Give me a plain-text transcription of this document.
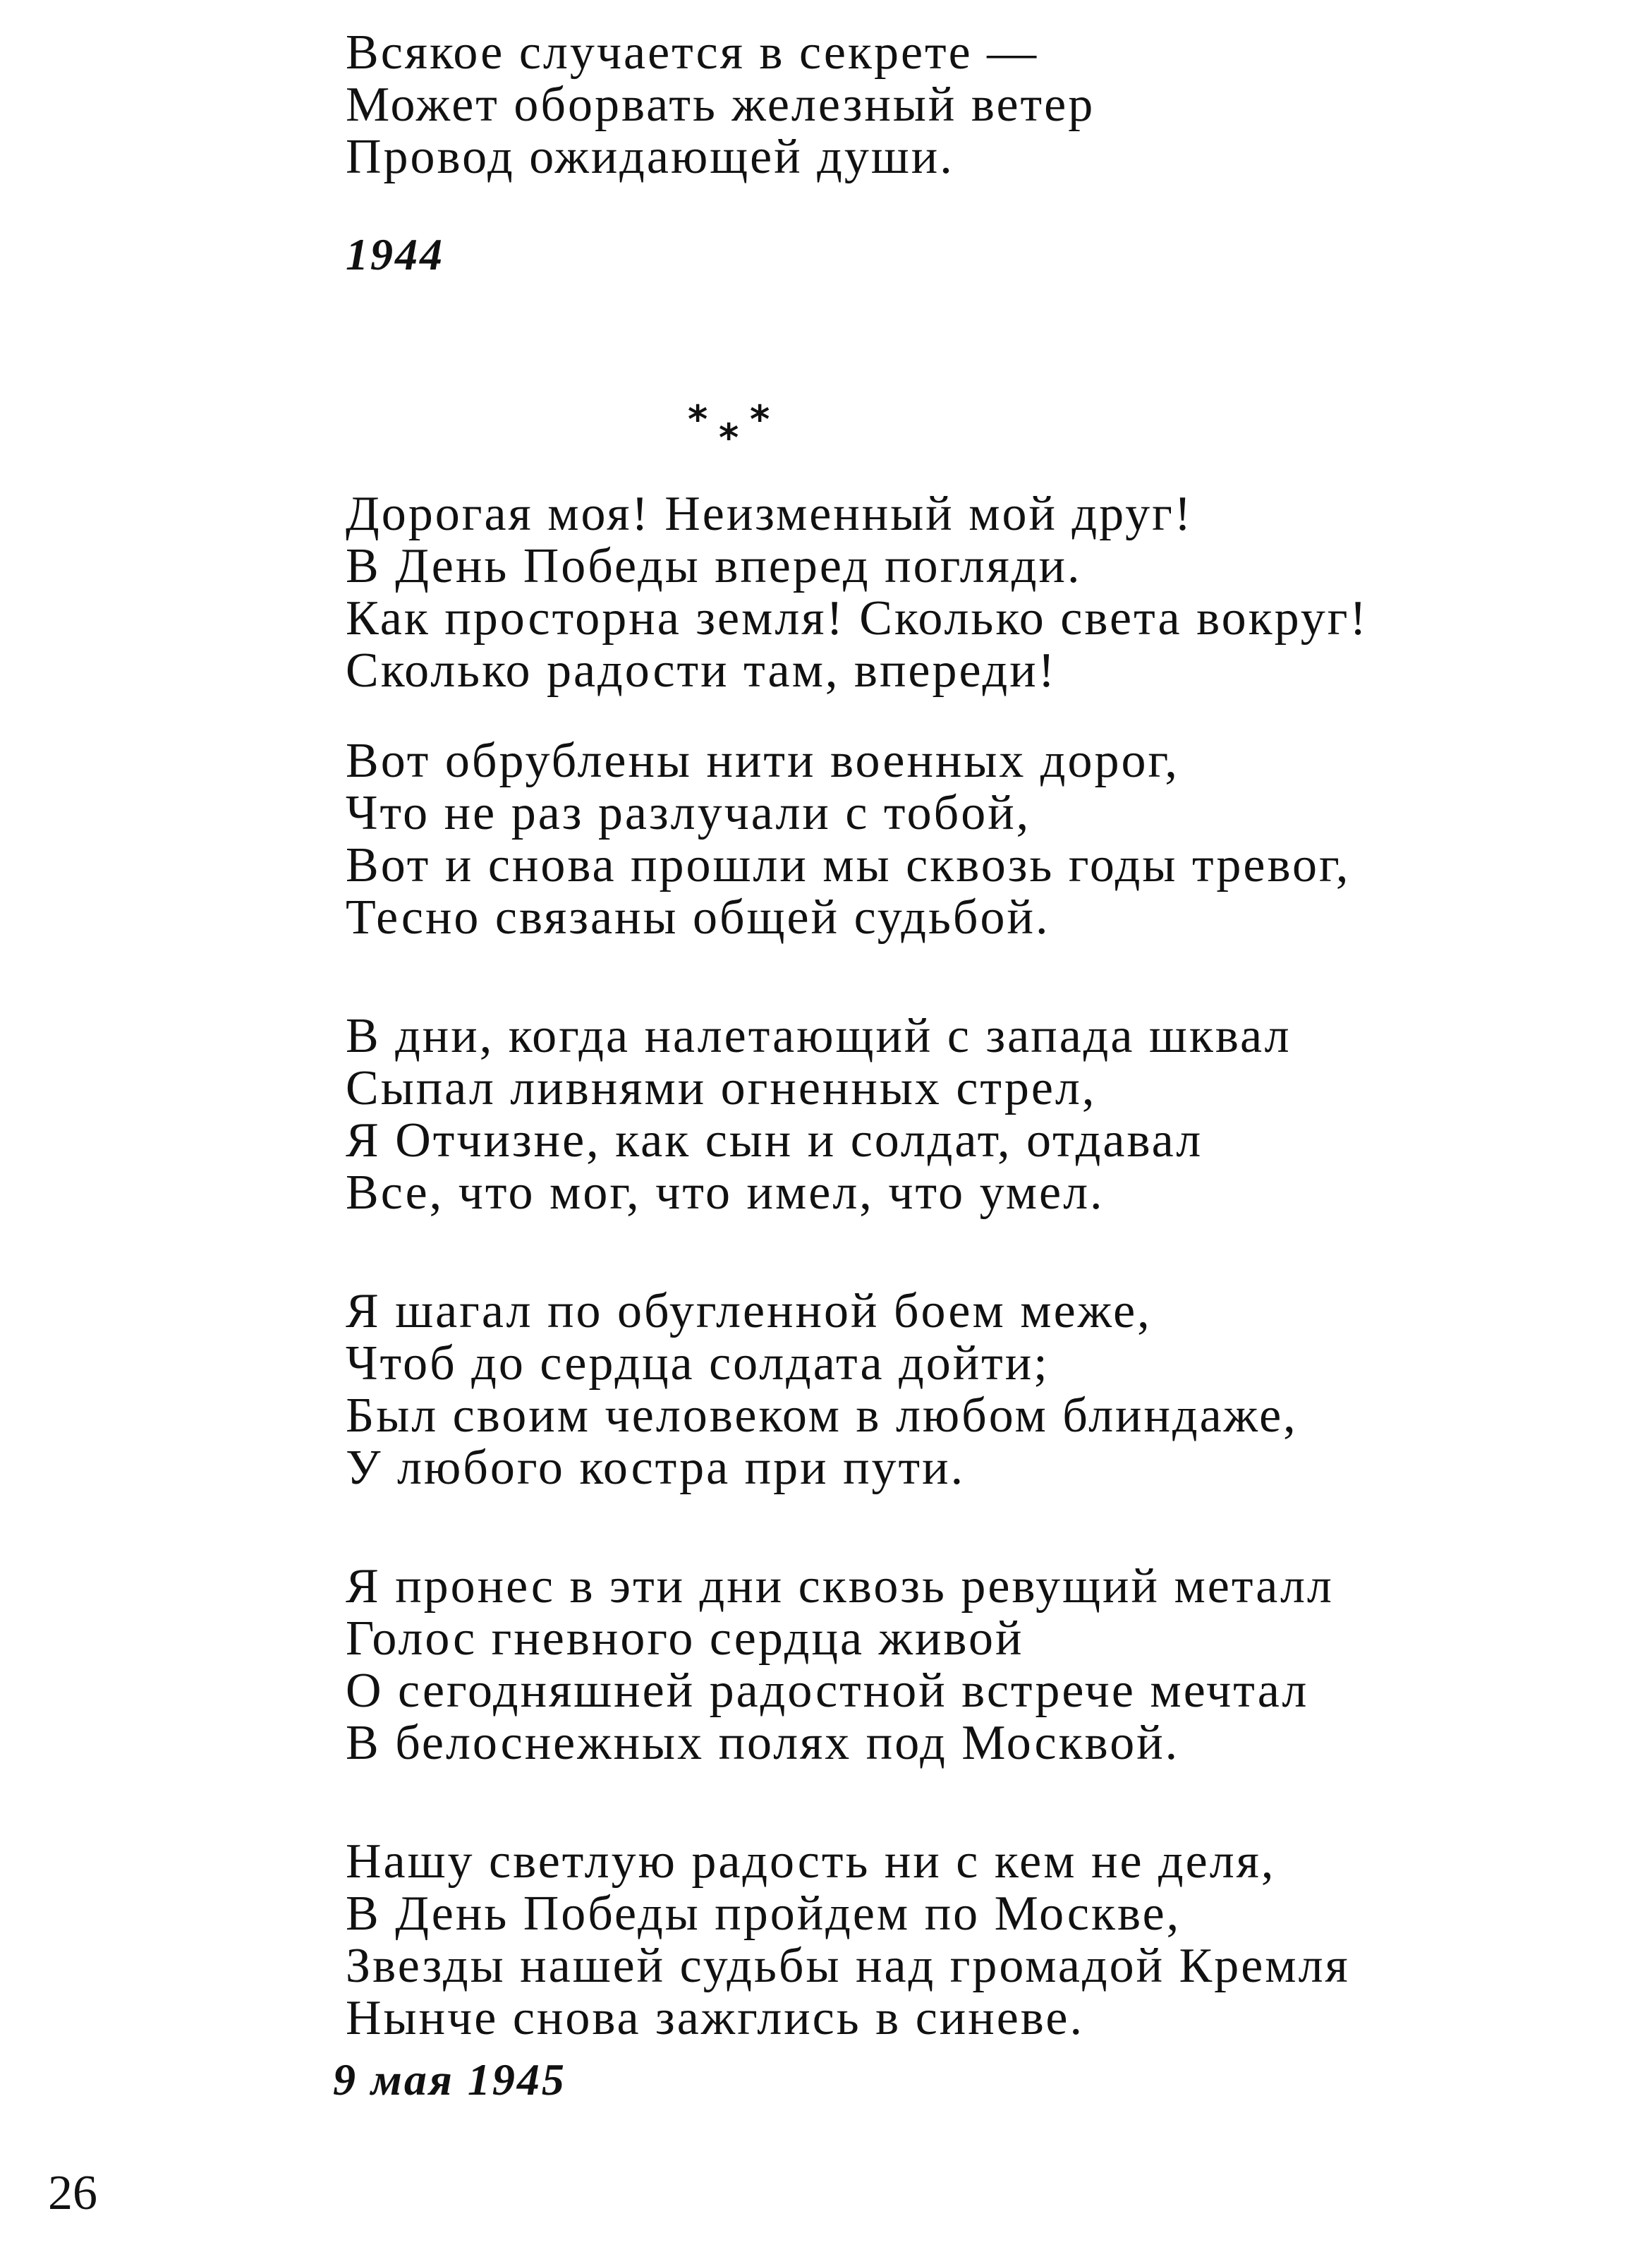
Всякое случается в секрете —
Может оборвать железный ветер
Провод ожидающей души.

1944

* * *
Дорогая моя! Неизменный мой друг!
В День Победы вперед погляди.
Как просторна земля! Сколько света вокруг!
Сколько радости там, впереди!
Вот обрублены нити военных дорог,
Что не раз разлучали с тобой,
Вот и снова прошли мы сквозь годы тревог,
Тесно связаны общей судьбой.
В дни, когда налетающий с запада шквал
Сыпал ливнями огненных стрел,
Я Отчизне, как сын и солдат, отдавал
Все, что мог, что имел, что умел.
Я шагал по обугленной боем меже,
Чтоб до сердца солдата дойти;
Был своим человеком в любом блиндаже,
У любого костра при пути.
Я пронес в эти дни сквозь ревущий металл
Голос гневного сердца живой
О сегодняшней радостной встрече мечтал
В белоснежных полях под Москвой.
Нашу светлую радость ни с кем не деля,
В День Победы пройдем по Москве,
Звезды нашей судьбы над громадой Кремля
Нынче снова зажглись в синеве.

9 мая 1945

26
